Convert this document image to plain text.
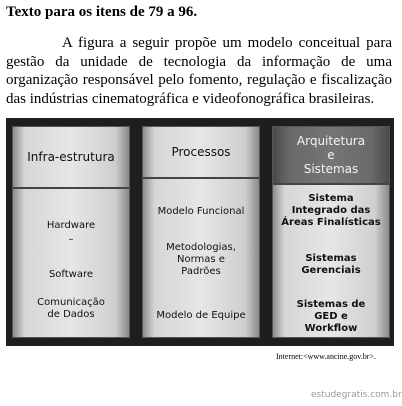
Texto para os itens de 79 a 96.

A figura a seguir propõe um modelo conceitual para gestão da unidade de tecnologia da informação de uma organização responsável pelo fomento, regulação e fiscalização das indústrias cinematográfica e videofonográfica brasileiras.

Infra-estrutura
Hardware
–
Software
Comunicação de Dados
Processos
Modelo Funcional
Metodologias, Normas e Padrões
Modelo de Equipe
Arquitetura
e
Sistemas
Sistema Integrado das Áreas Finalísticas
Sistemas Gerenciais
Sistemas de GED e Workflow
Internet:<www.ancine.gov.br>.
estudegratis.com.br
